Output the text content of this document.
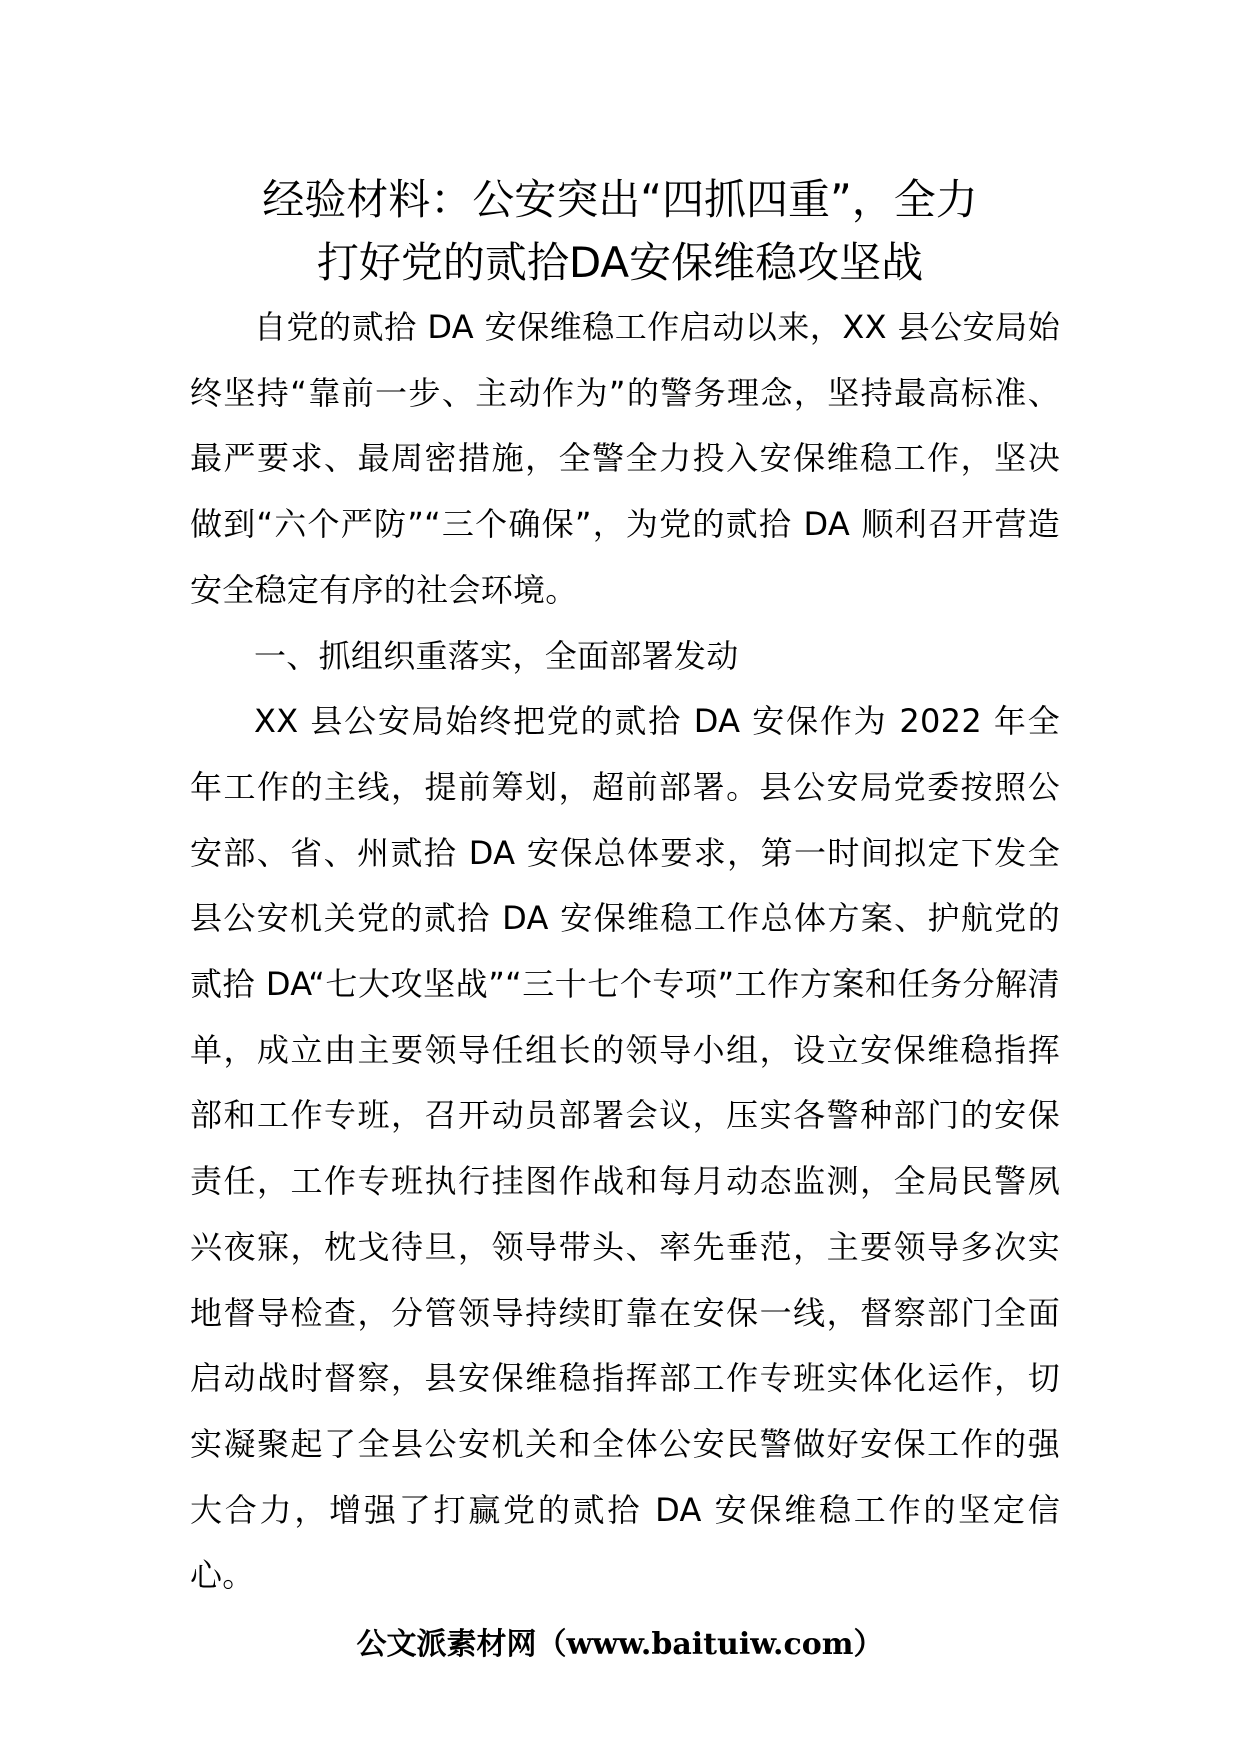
经验材料：公安突出“四抓四重”，全力
打好党的贰拾DA安保维稳攻坚战

自党的贰拾 DA 安保维稳工作启动以来，XX 县公安局始终坚持“靠前一步、主动作为”的警务理念，坚持最高标准、最严要求、最周密措施，全警全力投入安保维稳工作，坚决做到“六个严防”“三个确保”，为党的贰拾 DA 顺利召开营造安全稳定有序的社会环境。

一、抓组织重落实，全面部署发动

XX 县公安局始终把党的贰拾 DA 安保作为 2022 年全年工作的主线，提前筹划，超前部署。县公安局党委按照公安部、省、州贰拾 DA 安保总体要求，第一时间拟定下发全县公安机关党的贰拾 DA 安保维稳工作总体方案、护航党的贰拾 DA“七大攻坚战”“三十七个专项”工作方案和任务分解清单，成立由主要领导任组长的领导小组，设立安保维稳指挥部和工作专班，召开动员部署会议，压实各警种部门的安保责任，工作专班执行挂图作战和每月动态监测，全局民警夙兴夜寐，枕戈待旦，领导带头、率先垂范，主要领导多次实地督导检查，分管领导持续盯靠在安保一线，督察部门全面启动战时督察，县安保维稳指挥部工作专班实体化运作，切实凝聚起了全县公安机关和全体公安民警做好安保工作的强大合力，增强了打赢党的贰拾 DA 安保维稳工作的坚定信心。

公文派素材网（www.baituiw.com）
